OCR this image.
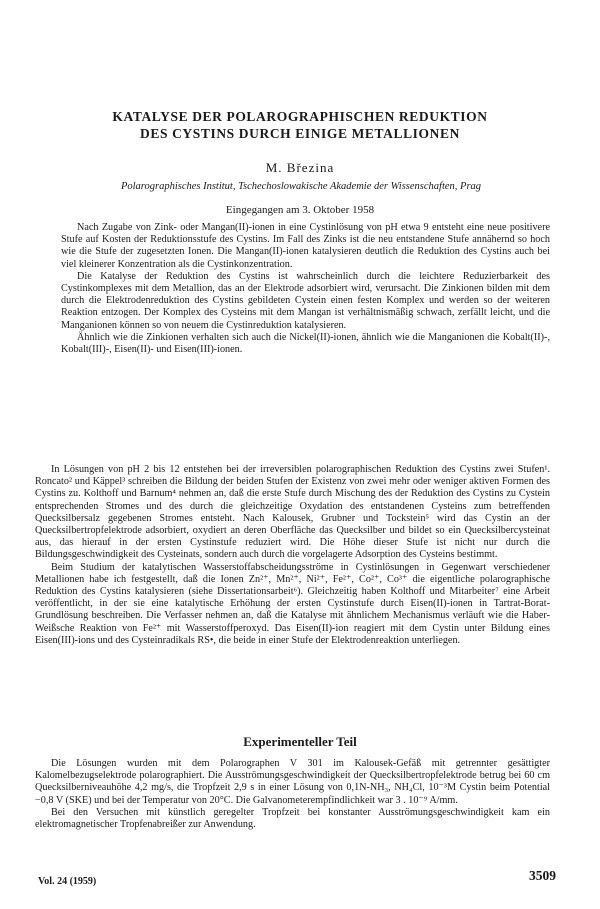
KATALYSE DER POLAROGRAPHISCHEN REDUKTION
DES CYSTINS DURCH EINIGE METALLIONEN
M. Březina
Polarographisches Institut, Tschechoslowakische Akademie der Wissenschaften, Prag
Eingegangen am 3. Oktober 1958

Nach Zugabe von Zink- oder Mangan(II)-ionen in eine Cystinlösung von pH etwa 9 entsteht eine neue positivere Stufe auf Kosten der Reduktionsstufe des Cystins. Im Fall des Zinks ist die neu entstandene Stufe annähernd so hoch wie die Stufe der zugesetzten Ionen. Die Mangan(II)-ionen katalysieren deutlich die Reduktion des Cystins auch bei viel kleinerer Konzentration als die Cystinkonzentration.

Die Katalyse der Reduktion des Cystins ist wahrscheinlich durch die leichtere Reduzierbarkeit des Cystinkomplexes mit dem Metallion, das an der Elektrode adsorbiert wird, verursacht. Die Zinkionen bilden mit dem durch die Elektrodenreduktion des Cystins gebildeten Cystein einen festen Komplex und werden so der weiteren Reaktion entzogen. Der Komplex des Cysteins mit dem Mangan ist verhältnismäßig schwach, zerfällt leicht, und die Manganionen können so von neuem die Cystinreduktion katalysieren.

Ähnlich wie die Zinkionen verhalten sich auch die Nickel(II)-ionen, ähnlich wie die Manganionen die Kobalt(II)-, Kobalt(III)-, Eisen(II)- und Eisen(III)-ionen.

In Lösungen von pH 2 bis 12 entstehen bei der irreversiblen polarographischen Reduktion des Cystins zwei Stufen¹. Roncato² und Käppel³ schreiben die Bildung der beiden Stufen der Existenz von zwei mehr oder weniger aktiven Formen des Cystins zu. Kolthoff und Barnum⁴ nehmen an, daß die erste Stufe durch Mischung des der Reduktion des Cystins zu Cystein entsprechenden Stromes und des durch die gleichzeitige Oxydation des entstandenen Cysteins zum betreffenden Quecksilbersalz gegebenen Stromes entsteht. Nach Kalousek, Grubner und Tockstein⁵ wird das Cystin an der Quecksilbertropfelektrode adsorbiert, oxydiert an deren Oberfläche das Quecksilber und bildet so ein Quecksilbercysteinat aus, das hierauf in der ersten Cystinstufe reduziert wird. Die Höhe dieser Stufe ist nicht nur durch die Bildungsgeschwindigkeit des Cysteinats, sondern auch durch die vorgelagerte Adsorption des Cysteins bestimmt.

Beim Studium der katalytischen Wasserstoffabscheidungsströme in Cystinlösungen in Gegenwart verschiedener Metallionen habe ich festgestellt, daß die Ionen Zn²⁺, Mn²⁺, Ni²⁺, Fe²⁺, Co²⁺, Co³⁺ die eigentliche polarographische Reduktion des Cystins katalysieren (siehe Dissertationsarbeit⁶). Gleichzeitig haben Kolthoff und Mitarbeiter⁷ eine Arbeit veröffentlicht, in der sie eine katalytische Erhöhung der ersten Cystinstufe durch Eisen(II)-ionen in Tartrat-Borat-Grundlösung beschreiben. Die Verfasser nehmen an, daß die Katalyse mit ähnlichem Mechanismus verläuft wie die Haber-Weißsche Reaktion von Fe²⁺ mit Wasserstoffperoxyd. Das Eisen(II)-ion reagiert mit dem Cystin unter Bildung eines Eisen(III)-ions und des Cysteinradikals RS•, die beide in einer Stufe der Elektrodenreaktion unterliegen.

Experimenteller Teil

Die Lösungen wurden mit dem Polarographen V 301 im Kalousek-Gefäß mit getrennter gesättigter Kalomelbezugselektrode polarographiert. Die Ausströmungsgeschwindigkeit der Quecksilbertropfelektrode betrug bei 60 cm Quecksilberniveauhöhe 4,2 mg/s, die Tropfzeit 2,9 s in einer Lösung von 0,1N-NH₃, NH₄Cl, 10⁻³M Cystin beim Potential −0,8 V (SKE) und bei der Temperatur von 20°C. Die Galvanometerempfindlichkeit war 3 . 10⁻⁹ A/mm.

Bei den Versuchen mit künstlich geregelter Tropfzeit bei konstanter Ausströmungsgeschwindigkeit kam ein elektromagnetischer Tropfenabreißer zur Anwendung.

Vol. 24 (1959)	3509
